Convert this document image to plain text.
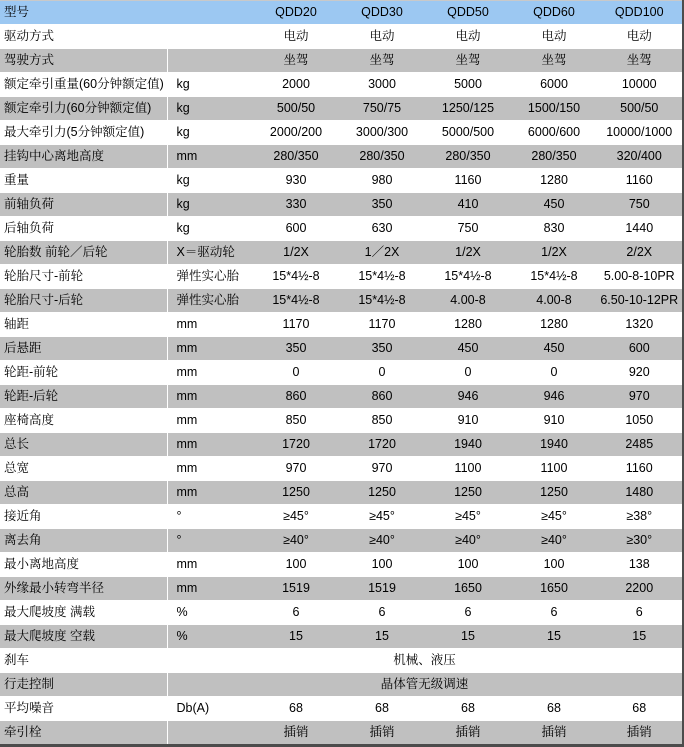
型号		QDD20	QDD30	QDD50	QDD60	QDD100
驱动方式		电动	电动	电动	电动	电动
驾驶方式		坐驾	坐驾	坐驾	坐驾	坐驾
额定牵引重量(60分钟额定值)	kg	2000	3000	5000	6000	10000
额定牵引力(60分钟额定值)	kg	500/50	750/75	1250/125	1500/150	500/50
最大牵引力(5分钟额定值)	kg	2000/200	3000/300	5000/500	6000/600	10000/1000
挂钩中心离地高度	mm	280/350	280/350	280/350	280/350	320/400
重量	kg	930	980	1160	1280	1160
前轴负荷	kg	330	350	410	450	750
后轴负荷	kg	600	630	750	830	1440
轮胎数 前轮／后轮	X＝驱动轮	1/2X	1／2X	1/2X	1/2X	2/2X
轮胎尺寸-前轮	弹性实心胎	15*4½-8	15*4½-8	15*4½-8	15*4½-8	5.00-8-10PR
轮胎尺寸-后轮	弹性实心胎	15*4½-8	15*4½-8	4.00-8	4.00-8	6.50-10-12PR
轴距	mm	1170	1170	1280	1280	1320
后悬距	mm	350	350	450	450	600
轮距-前轮	mm	0	0	0	0	920
轮距-后轮	mm	860	860	946	946	970
座椅高度	mm	850	850	910	910	1050
总长	mm	1720	1720	1940	1940	2485
总宽	mm	970	970	1100	1100	1160
总高	mm	1250	1250	1250	1250	1480
接近角	°	≥45°	≥45°	≥45°	≥45°	≥38°
离去角	°	≥40°	≥40°	≥40°	≥40°	≥30°
最小离地高度	mm	100	100	100	100	138
外缘最小转弯半径	mm	1519	1519	1650	1650	2200
最大爬坡度 满载	%	6	6	6	6	6
最大爬坡度 空载	%	15	15	15	15	15
刹车	机械、液压					
行走控制	晶体管无级调速					
平均噪音	Db(A)	68	68	68	68	68
牵引栓		插销	插销	插销	插销	插销
